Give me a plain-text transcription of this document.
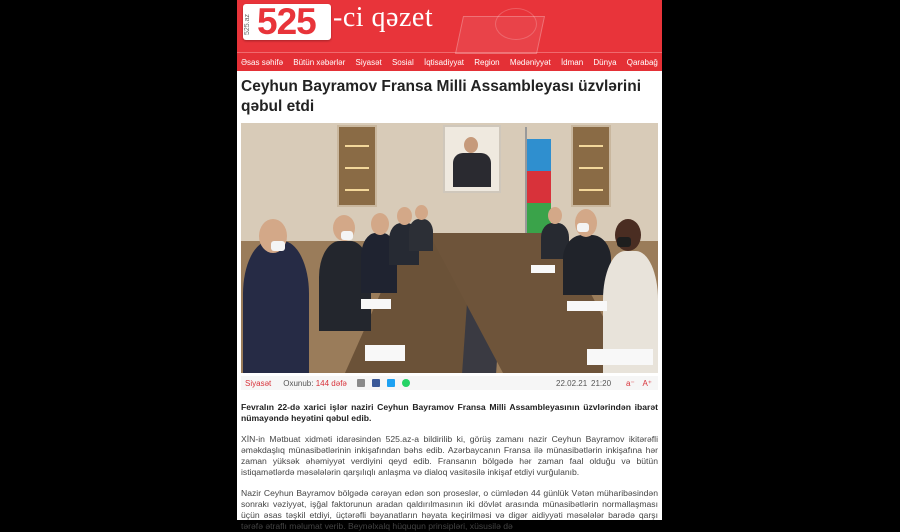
525.az 525 -ci qəzet
Əsas səhifə Bütün xəbərlər Siyasət Sosial İqtisadiyyat Region Mədəniyyət İdman Dünya Qarabağ
Ceyhun Bayramov Fransa Milli Assambleyası üzvlərini qəbul etdi
Siyasət Oxunub: 144 dəfə	22.02.21 21:20 a⁻ A⁺

Fevralın 22-də xarici işlər naziri Ceyhun Bayramov Fransa Milli Assambleyasının üzvlərindən ibarət nümayəndə heyətini qəbul edib.

XİN-in Mətbuat xidməti idarəsindən 525.az-a bildirilib ki, görüş zamanı nazir Ceyhun Bayramov ikitərəfli əməkdaşlıq münasibətlərinin inkişafından bəhs edib. Azərbaycanın Fransa ilə münasibətlərin inkişafına hər zaman yüksək əhəmiyyət verdiyini qeyd edib. Fransanın bölgədə hər zaman faal olduğu və bütün istiqamətlərdə məsələlərin qarşılıqlı anlaşma və dialoq vasitəsilə inkişaf etdiyi vurğulanıb.

Nazir Ceyhun Bayramov bölgədə cərəyan edən son proseslər, o cümlədən 44 günlük Vətən müharibəsindən sonrakı vəziyyət, işğal faktorunun aradan qaldırılmasının iki dövlət arasında münasibətlərin normallaşması üçün əsas təşkil etdiyi, üçtərəfli bəyanatların həyata keçirilməsi və digər aidiyyəti məsələlər barədə qarşı tərəfə ətraflı məlumat verib. Beynəlxalq hüququn prinsipləri, xüsusilə də
